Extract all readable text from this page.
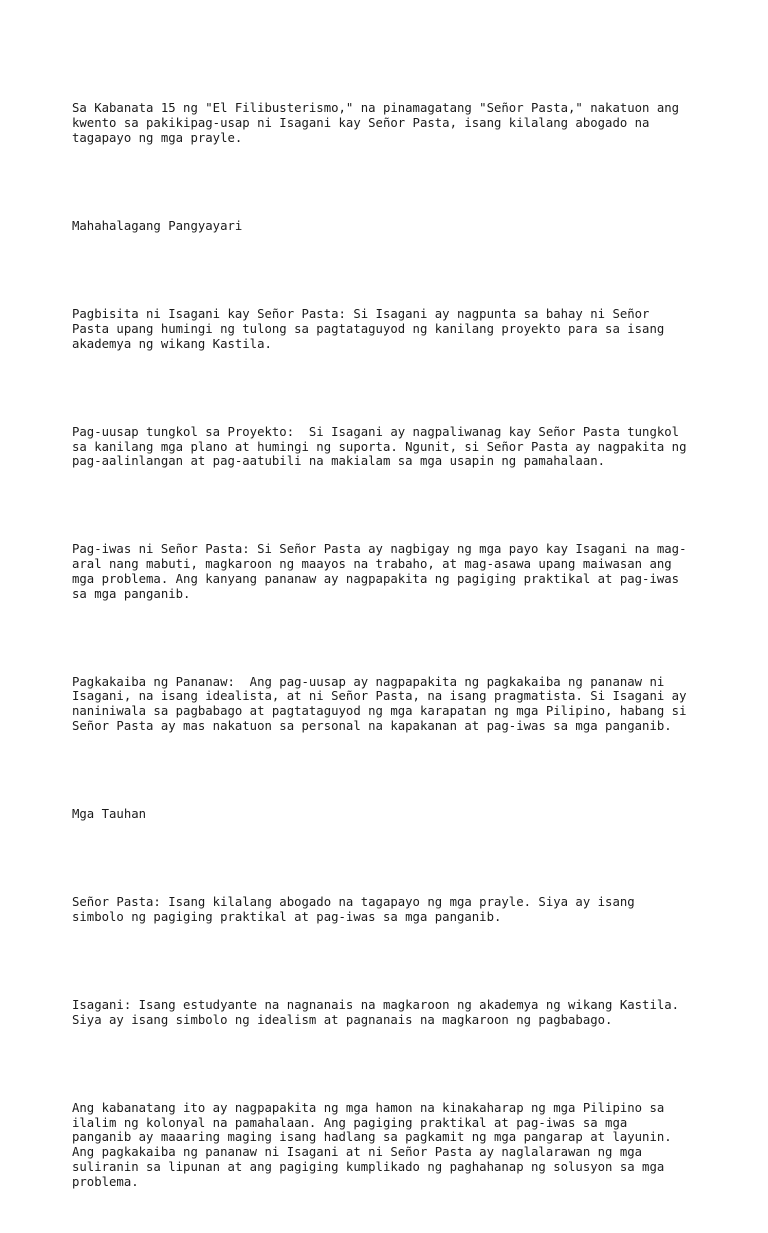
Sa Kabanata 15 ng "El Filibusterismo," na pinamagatang "Señor Pasta," nakatuon ang
kwento sa pakikipag-usap ni Isagani kay Señor Pasta, isang kilalang abogado na
tagapayo ng mga prayle.

Mahahalagang Pangyayari

Pagbisita ni Isagani kay Señor Pasta: Si Isagani ay nagpunta sa bahay ni Señor
Pasta upang humingi ng tulong sa pagtataguyod ng kanilang proyekto para sa isang
akademya ng wikang Kastila.

Pag-uusap tungkol sa Proyekto:  Si Isagani ay nagpaliwanag kay Señor Pasta tungkol
sa kanilang mga plano at humingi ng suporta. Ngunit, si Señor Pasta ay nagpakita ng
pag-aalinlangan at pag-aatubili na makialam sa mga usapin ng pamahalaan.

Pag-iwas ni Señor Pasta: Si Señor Pasta ay nagbigay ng mga payo kay Isagani na mag-
aral nang mabuti, magkaroon ng maayos na trabaho, at mag-asawa upang maiwasan ang
mga problema. Ang kanyang pananaw ay nagpapakita ng pagiging praktikal at pag-iwas
sa mga panganib.

Pagkakaiba ng Pananaw:  Ang pag-uusap ay nagpapakita ng pagkakaiba ng pananaw ni
Isagani, na isang idealista, at ni Señor Pasta, na isang pragmatista. Si Isagani ay
naniniwala sa pagbabago at pagtataguyod ng mga karapatan ng mga Pilipino, habang si
Señor Pasta ay mas nakatuon sa personal na kapakanan at pag-iwas sa mga panganib.

Mga Tauhan

Señor Pasta: Isang kilalang abogado na tagapayo ng mga prayle. Siya ay isang
simbolo ng pagiging praktikal at pag-iwas sa mga panganib.

Isagani: Isang estudyante na nagnanais na magkaroon ng akademya ng wikang Kastila.
Siya ay isang simbolo ng idealism at pagnanais na magkaroon ng pagbabago.

Ang kabanatang ito ay nagpapakita ng mga hamon na kinakaharap ng mga Pilipino sa
ilalim ng kolonyal na pamahalaan. Ang pagiging praktikal at pag-iwas sa mga
panganib ay maaaring maging isang hadlang sa pagkamit ng mga pangarap at layunin.
Ang pagkakaiba ng pananaw ni Isagani at ni Señor Pasta ay naglalarawan ng mga
suliranin sa lipunan at ang pagiging kumplikado ng paghahanap ng solusyon sa mga
problema.
